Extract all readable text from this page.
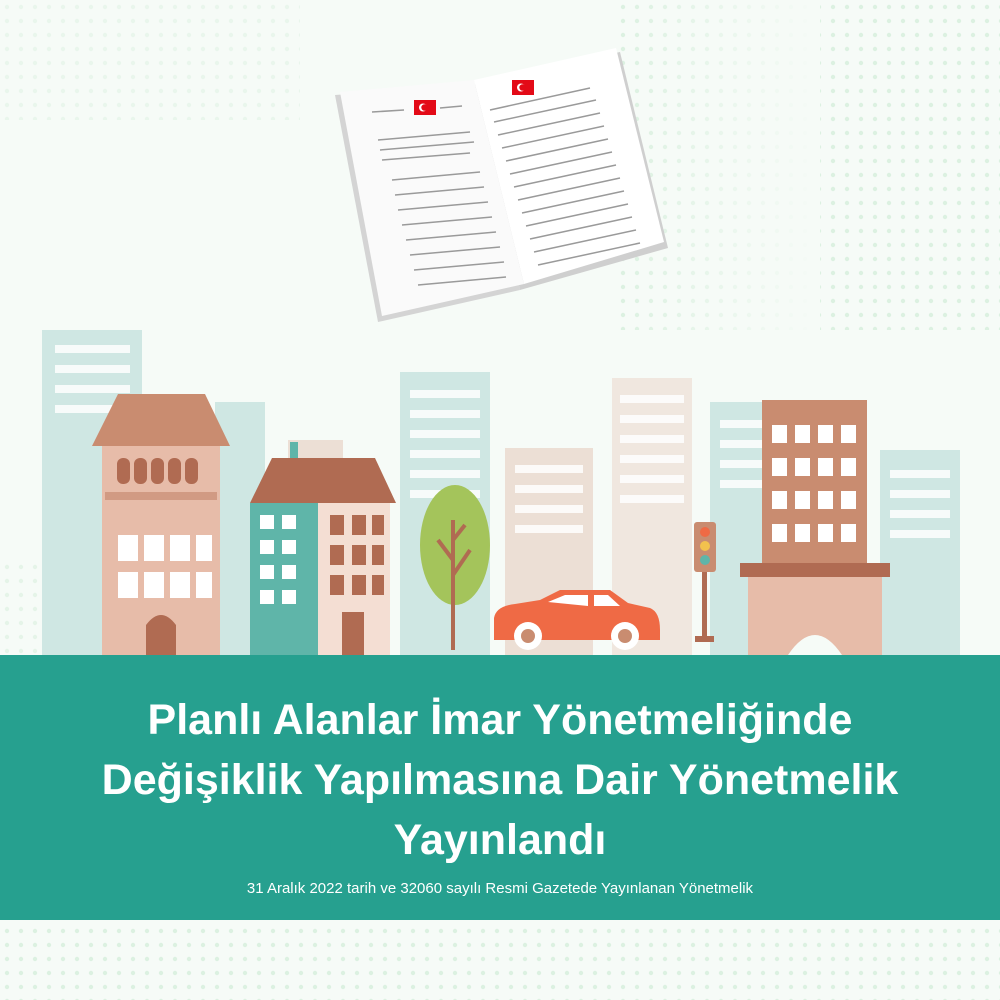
Planlı Alanlar İmar Yönetmeliğinde
Değişiklik Yapılmasına Dair Yönetmelik
Yayınlandı
31 Aralık 2022 tarih ve 32060 sayılı Resmi Gazetede Yayınlanan Yönetmelik
